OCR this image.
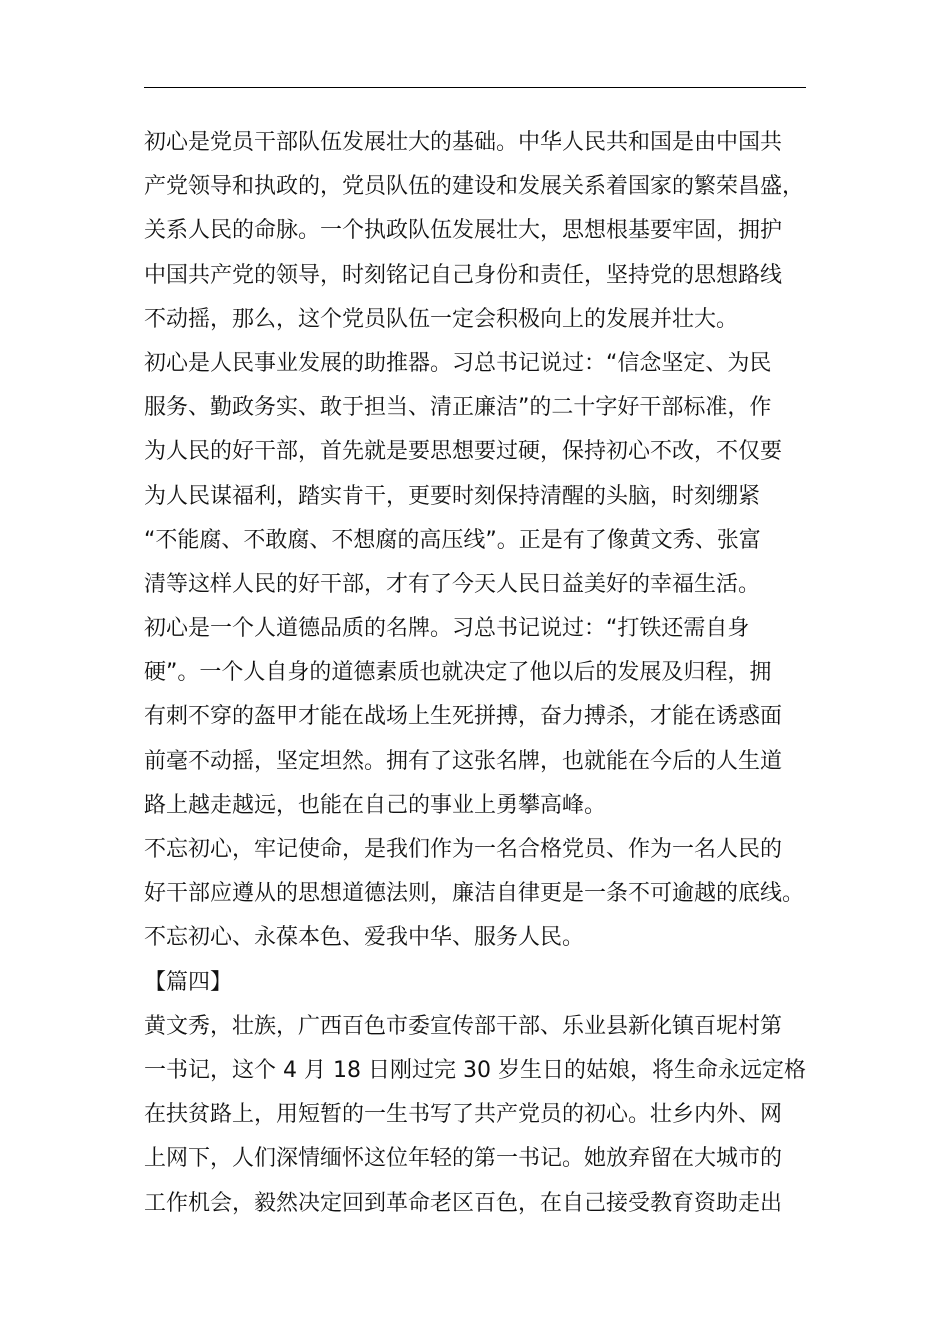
初心是党员干部队伍发展壮大的基础。中华人民共和国是由中国共
产党领导和执政的，党员队伍的建设和发展关系着国家的繁荣昌盛，
关系人民的命脉。一个执政队伍发展壮大，思想根基要牢固，拥护
中国共产党的领导，时刻铭记自己身份和责任，坚持党的思想路线
不动摇，那么，这个党员队伍一定会积极向上的发展并壮大。
初心是人民事业发展的助推器。习总书记说过：“信念坚定、为民
服务、勤政务实、敢于担当、清正廉洁”的二十字好干部标准，作
为人民的好干部，首先就是要思想要过硬，保持初心不改，不仅要
为人民谋福利，踏实肯干，更要时刻保持清醒的头脑，时刻绷紧
“不能腐、不敢腐、不想腐的高压线”。正是有了像黄文秀、张富
清等这样人民的好干部，才有了今天人民日益美好的幸福生活。
初心是一个人道德品质的名牌。习总书记说过：“打铁还需自身
硬”。一个人自身的道德素质也就决定了他以后的发展及归程，拥
有刺不穿的盔甲才能在战场上生死拼搏，奋力搏杀，才能在诱惑面
前毫不动摇，坚定坦然。拥有了这张名牌，也就能在今后的人生道
路上越走越远，也能在自己的事业上勇攀高峰。
不忘初心，牢记使命，是我们作为一名合格党员、作为一名人民的
好干部应遵从的思想道德法则，廉洁自律更是一条不可逾越的底线。
不忘初心、永葆本色、爱我中华、服务人民。
【篇四】
黄文秀，壮族，广西百色市委宣传部干部、乐业县新化镇百坭村第
一书记，这个 4 月 18 日刚过完 30 岁生日的姑娘，将生命永远定格
在扶贫路上，用短暂的一生书写了共产党员的初心。壮乡内外、网
上网下，人们深情缅怀这位年轻的第一书记。她放弃留在大城市的
工作机会，毅然决定回到革命老区百色，在自己接受教育资助走出
